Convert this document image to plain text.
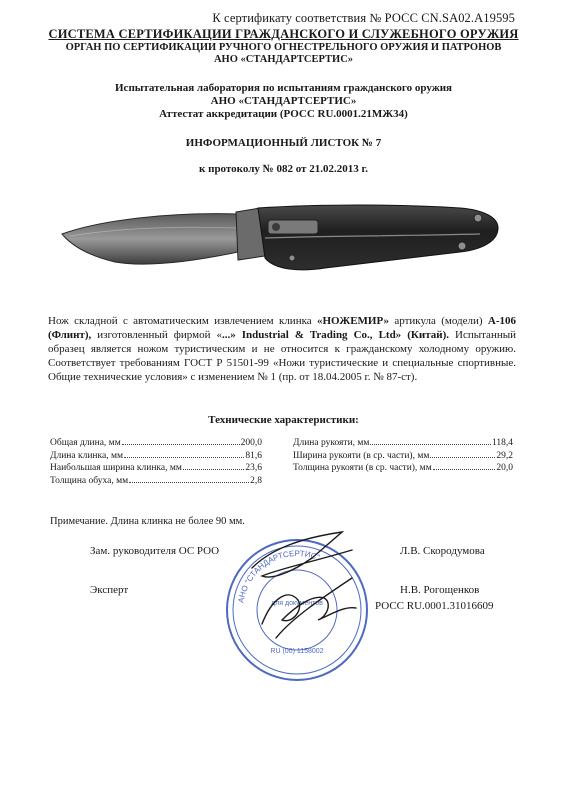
К сертификату соответствия № РОСС CN.SA02.A19595
СИСТЕМА СЕРТИФИКАЦИИ ГРАЖДАНСКОГО И СЛУЖЕБНОГО ОРУЖИЯ
ОРГАН ПО СЕРТИФИКАЦИИ РУЧНОГО ОГНЕСТРЕЛЬНОГО ОРУЖИЯ И ПАТРОНОВ
АНО «СТАНДАРТСЕРТИС»
Испытательная лаборатория по испытаниям гражданского оружия
АНО «СТАНДАРТСЕРТИС»
Аттестат аккредитации (РОСС RU.0001.21МЖ34)
ИНФОРМАЦИОННЫЙ ЛИСТОК № 7
к протоколу № 082 от 21.02.2013 г.
Нож складной с автоматическим извлечением клинка «НОЖЕМИР» артикула (модели) А-106 (Флинт), изготовленный фирмой «...» Industrial & Trading Co., Ltd» (Китай). Испытанный образец является ножом туристическим и не относится к гражданскому холодному оружию. Соответствует требованиям ГОСТ Р 51501-99 «Ножи туристические и специальные спортивные. Общие технические условия» с изменением № 1 (пр. от 18.04.2005 г. № 87-ст).
Технические характеристики:
Общая длина, мм	200,0
Длина клинка, мм	81,6
Наибольшая ширина клинка, мм	23,6
Толщина обуха, мм	2,8
Длина рукояти, мм	118,4
Ширина рукояти (в ср. части), мм	29,2
Толщина рукояти (в ср. части), мм	20,0
Примечание. Длина клинка не более 90 мм.
АНО "СТАНДАРТСЕРТИС"
для документов
RU (00) 1158002
Зам. руководителя ОС РОО	Л.В. Скородумова
Эксперт	Н.В. Рогощенков
РОСС RU.0001.31016609
